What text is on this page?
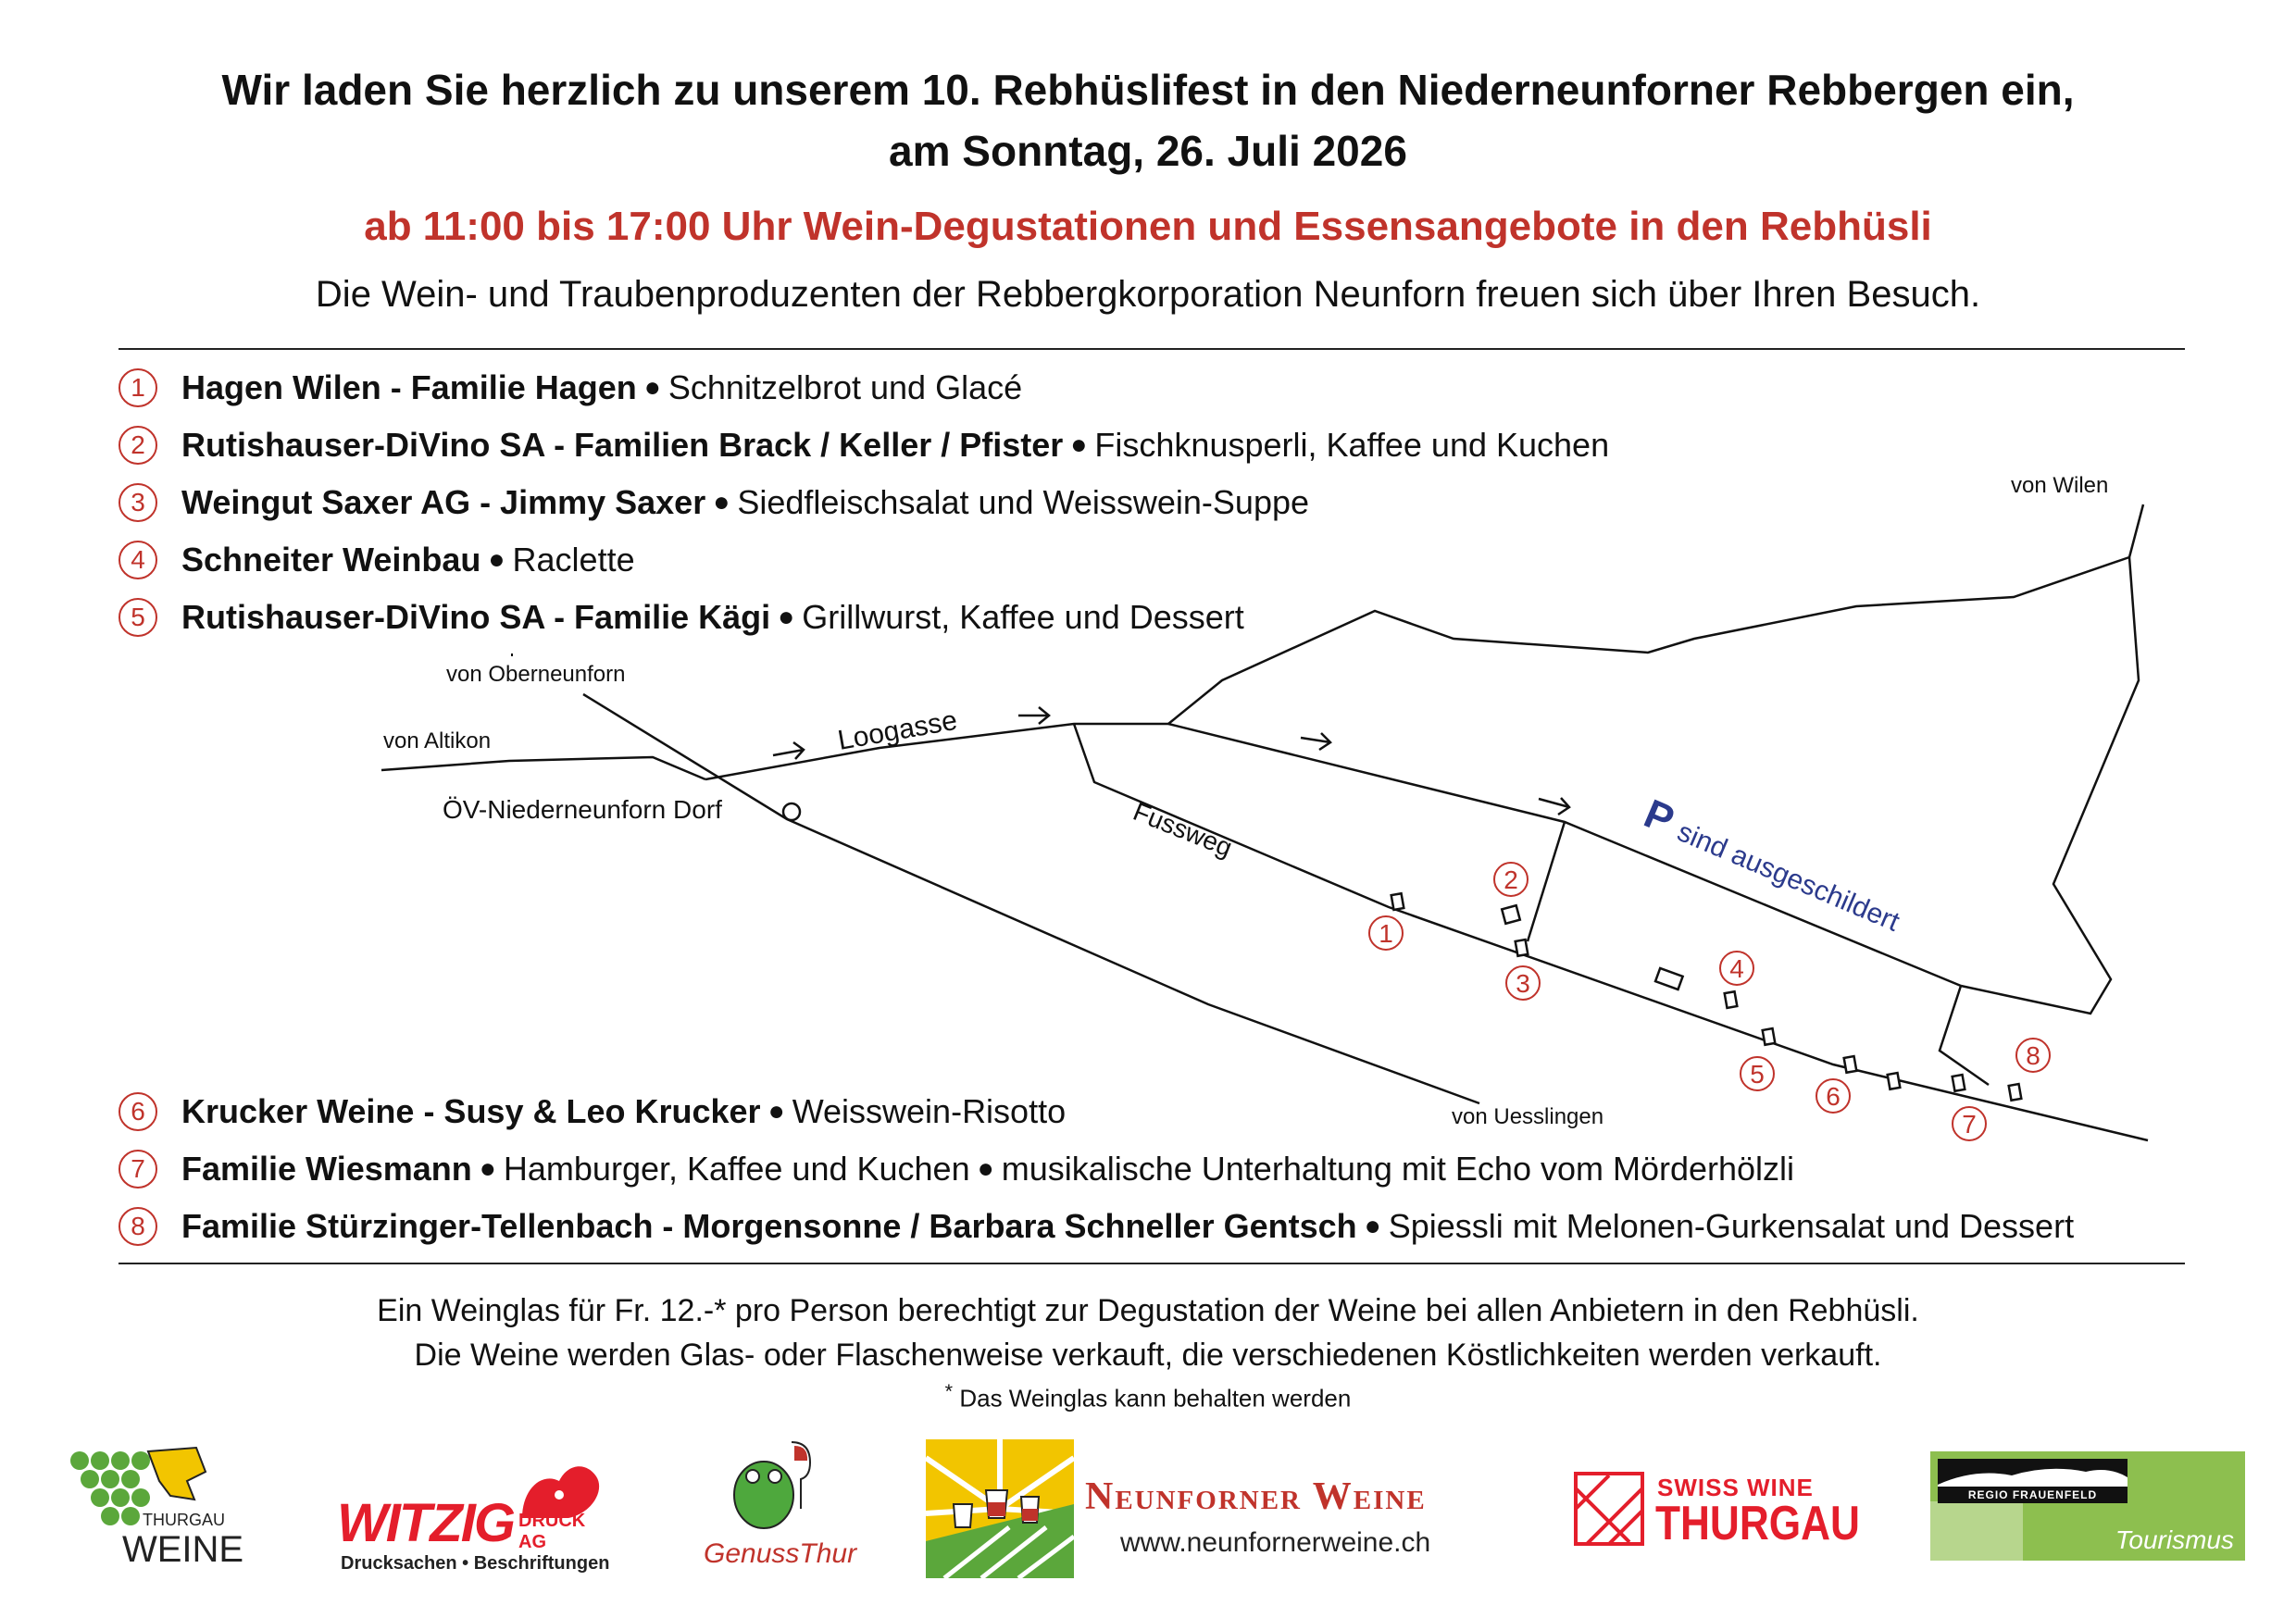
Wir laden Sie herzlich zu unserem 10. Rebhüslifest in den Niederneunforner Rebbergen ein,
am Sonntag, 26. Juli 2026
ab 11:00 bis 17:00 Uhr Wein-Degustationen und Essensangebote in den Rebhüsli
Die Wein- und Traubenproduzenten der Rebbergkorporation Neunforn freuen sich über Ihren Besuch.
1	Hagen Wilen - Familie Hagen ● Schnitzelbrot und Glacé
2	Rutishauser-DiVino SA - Familien Brack / Keller / Pfister ● Fischknusperli, Kaffee und Kuchen
3	Weingut Saxer AG - Jimmy Saxer ● Siedfleischsalat und Weisswein-Suppe
4	Schneiter Weinbau ● Raclette
5	Rutishauser-DiVino SA - Familie Kägi ● Grillwurst, Kaffee und Dessert
1
2
3
4
5
6
7
8
von Wilen
von Oberneunforn
von Altikon	Loogasse
ÖV-Niederneunforn Dorf	Fussweg
von Uesslingen
P
sind ausgeschildert
6	Krucker Weine - Susy & Leo Krucker ● Weisswein-Risotto
7	Familie Wiesmann ● Hamburger, Kaffee und Kuchen ● musikalische Unterhaltung mit Echo vom Mörderhölzli
8	Familie Stürzinger-Tellenbach - Morgensonne / Barbara Schneller Gentsch ● Spiessli mit Melonen-Gurkensalat und Dessert
Ein Weinglas für Fr. 12.-* pro Person berechtigt zur Degustation der Weine bei allen Anbietern in den Rebhüsli.
Die Weine werden Glas- oder Flaschenweise verkauft, die verschiedenen Köstlichkeiten werden verkauft.
* Das Weinglas kann behalten werden
THURGAU
WEINE WITZIG DRUCK AG
Drucksachen • Beschriftungen	GenussThur
Neunforner Weine
www.neunfornerweine.ch
SWISS WINE
THURGAU
REGIO FRAUENFELD
Tourismus
